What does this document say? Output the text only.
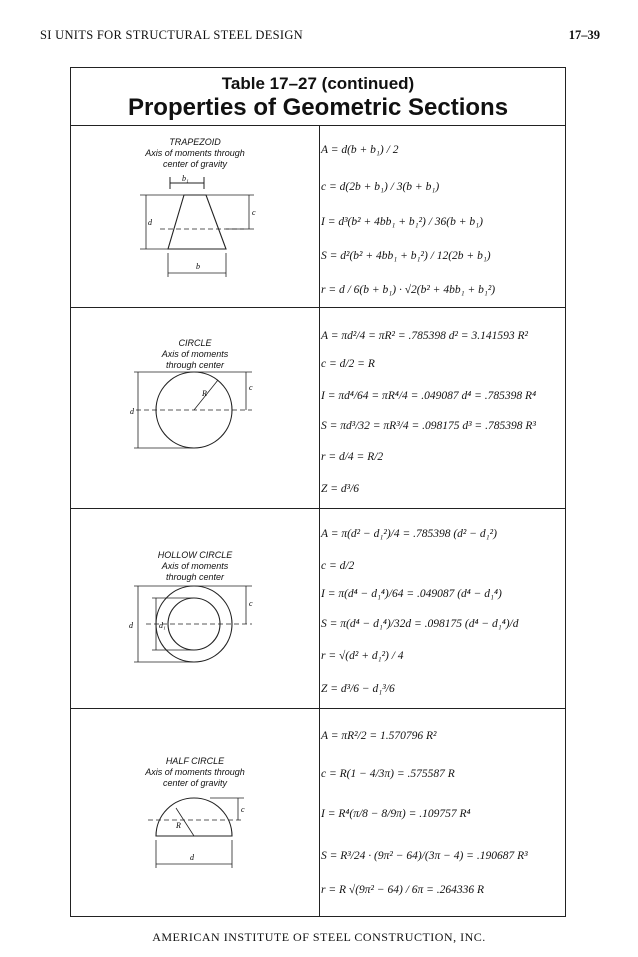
SI UNITS FOR STRUCTURAL STEEL DESIGN	17–39
Table 17–27 (continued)
Properties of Geometric Sections
TRAPEZOID
Axis of moments through
center of gravity
b₁
d
c
b
A = d(b + b₁) / 2
c = d(2b + b₁) / 3(b + b₁)
I = d³(b² + 4bb₁ + b₁²) / 36(b + b₁)
S = d²(b² + 4bb₁ + b₁²) / 12(2b + b₁)
r = d / 6(b + b₁) · √2(b² + 4bb₁ + b₁²)
CIRCLE
Axis of moments
through center
R
d
c
A = πd²/4 = πR² = .785398 d² = 3.141593 R²
c = d/2 = R
I = πd⁴/64 = πR⁴/4 = .049087 d⁴ = .785398 R⁴
S = πd³/32 = πR³/4 = .098175 d³ = .785398 R³
r = d/4 = R/2
Z = d³/6
HOLLOW CIRCLE
Axis of moments
through center
d	d₁
c
A = π(d² − d₁²)/4 = .785398 (d² − d₁²)
c = d/2
I = π(d⁴ − d₁⁴)/64 = .049087 (d⁴ − d₁⁴)
S = π(d⁴ − d₁⁴)/32d = .098175 (d⁴ − d₁⁴)/d
r = √(d² + d₁²) / 4
Z = d³/6 − d₁³/6
HALF CIRCLE
Axis of moments through
center of gravity
R
c
d
A = πR²/2 = 1.570796 R²
c = R(1 − 4/3π) = .575587 R
I = R⁴(π/8 − 8/9π) = .109757 R⁴
S = R³/24 · (9π² − 64)/(3π − 4) = .190687 R³
r = R √(9π² − 64) / 6π = .264336 R
AMERICAN INSTITUTE OF STEEL CONSTRUCTION, INC.
